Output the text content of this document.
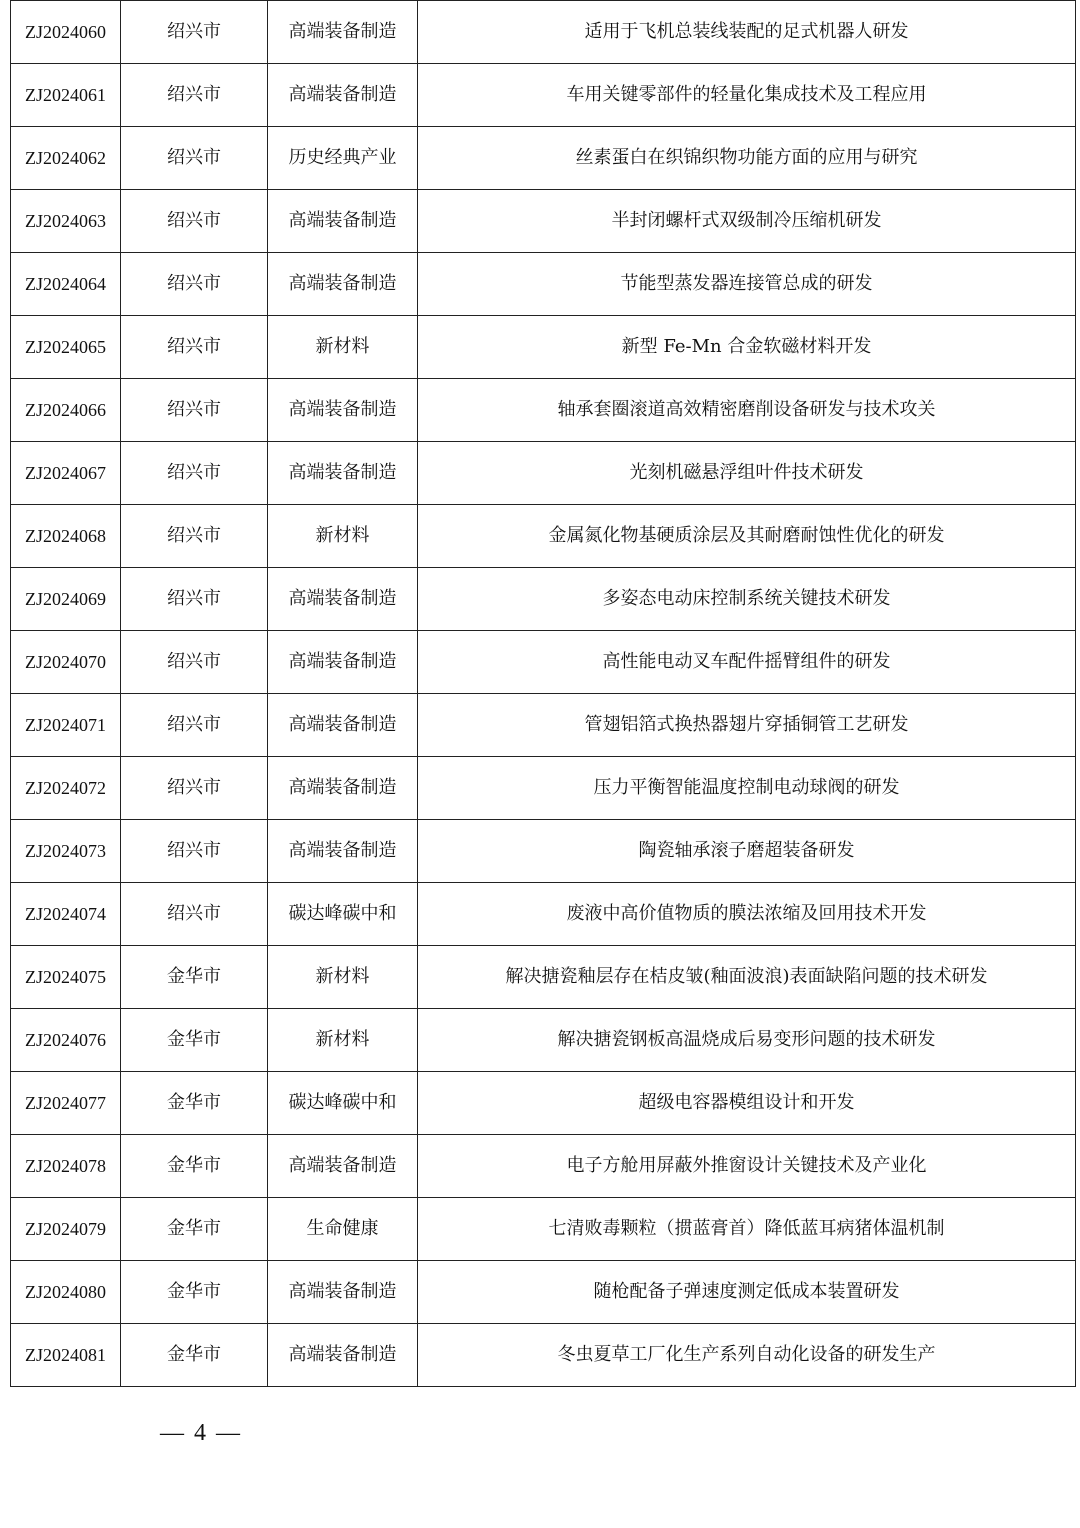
ZJ2024060	绍兴市	高端装备制造	适用于飞机总装线装配的足式机器人研发
ZJ2024061	绍兴市	高端装备制造	车用关键零部件的轻量化集成技术及工程应用
ZJ2024062	绍兴市	历史经典产业	丝素蛋白在织锦织物功能方面的应用与研究
ZJ2024063	绍兴市	高端装备制造	半封闭螺杆式双级制冷压缩机研发
ZJ2024064	绍兴市	高端装备制造	节能型蒸发器连接管总成的研发
ZJ2024065	绍兴市	新材料	新型 Fe-Mn 合金软磁材料开发
ZJ2024066	绍兴市	高端装备制造	轴承套圈滚道高效精密磨削设备研发与技术攻关
ZJ2024067	绍兴市	高端装备制造	光刻机磁悬浮组叶件技术研发
ZJ2024068	绍兴市	新材料	金属氮化物基硬质涂层及其耐磨耐蚀性优化的研发
ZJ2024069	绍兴市	高端装备制造	多姿态电动床控制系统关键技术研发
ZJ2024070	绍兴市	高端装备制造	高性能电动叉车配件摇臂组件的研发
ZJ2024071	绍兴市	高端装备制造	管翅铝箔式换热器翅片穿插铜管工艺研发
ZJ2024072	绍兴市	高端装备制造	压力平衡智能温度控制电动球阀的研发
ZJ2024073	绍兴市	高端装备制造	陶瓷轴承滚子磨超装备研发
ZJ2024074	绍兴市	碳达峰碳中和	废液中高价值物质的膜法浓缩及回用技术开发
ZJ2024075	金华市	新材料	解决搪瓷釉层存在桔皮皱(釉面波浪)表面缺陷问题的技术研发
ZJ2024076	金华市	新材料	解决搪瓷钢板高温烧成后易变形问题的技术研发
ZJ2024077	金华市	碳达峰碳中和	超级电容器模组设计和开发
ZJ2024078	金华市	高端装备制造	电子方舱用屏蔽外推窗设计关键技术及产业化
ZJ2024079	金华市	生命健康	七清败毒颗粒（掼蓝膏首）降低蓝耳病猪体温机制
ZJ2024080	金华市	高端装备制造	随枪配备子弹速度测定低成本装置研发
ZJ2024081	金华市	高端装备制造	冬虫夏草工厂化生产系列自动化设备的研发生产
— 4 —
